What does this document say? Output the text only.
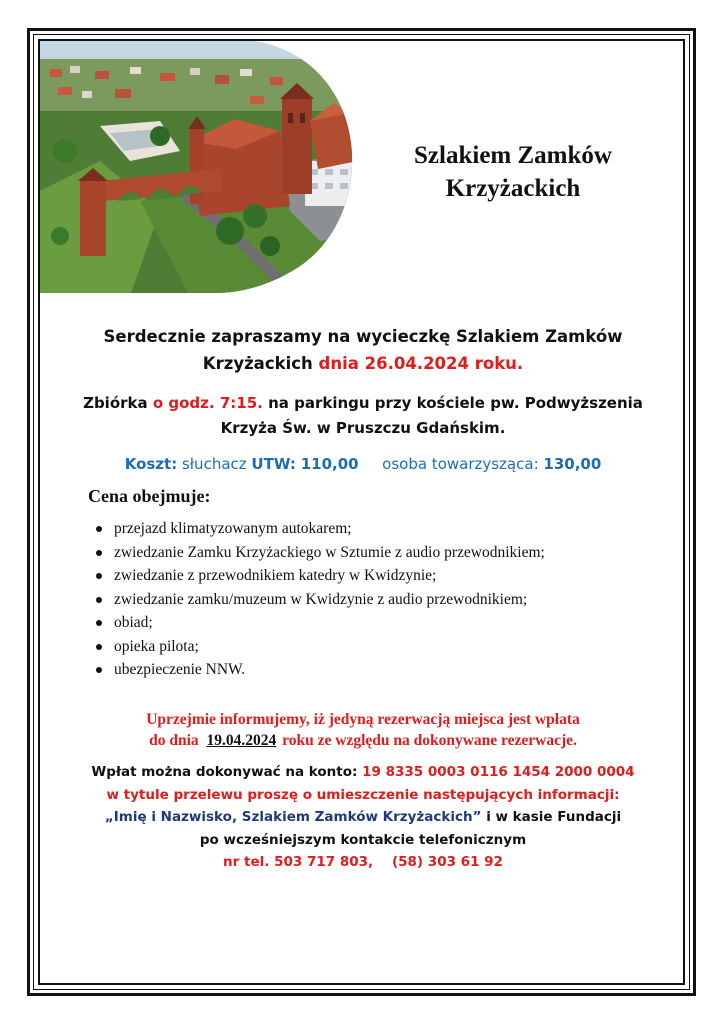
Szlakiem Zamków
Krzyżackich
Serdecznie zapraszamy na wycieczkę Szlakiem Zamków
Krzyżackich dnia 26.04.2024 roku.
Zbiórka o godz. 7:15. na parkingu przy kościele pw. Podwyższenia
Krzyża Św. w Pruszczu Gdańskim.
Koszt: słuchacz UTW: 110,00 osoba towarzysząca: 130,00
Cena obejmuje:
przejazd klimatyzowanym autokarem;
zwiedzanie Zamku Krzyżackiego w Sztumie z audio przewodnikiem;
zwiedzanie z przewodnikiem katedry w Kwidzynie;
zwiedzanie zamku/muzeum w Kwidzynie z audio przewodnikiem;
obiad;
opieka pilota;
ubezpieczenie NNW.
Uprzejmie informujemy, iż jedyną rezerwacją miejsca jest wpłata
do dnia 19.04.2024 roku ze względu na dokonywane rezerwacje.
Wpłat można dokonywać na konto: 19 8335 0003 0116 1454 2000 0004
w tytule przelewu proszę o umieszczenie następujących informacji:
„Imię i Nazwisko, Szlakiem Zamków Krzyżackich” i w kasie Fundacji
po wcześniejszym kontakcie telefonicznym
nr tel. 503 717 803, (58) 303 61 92
